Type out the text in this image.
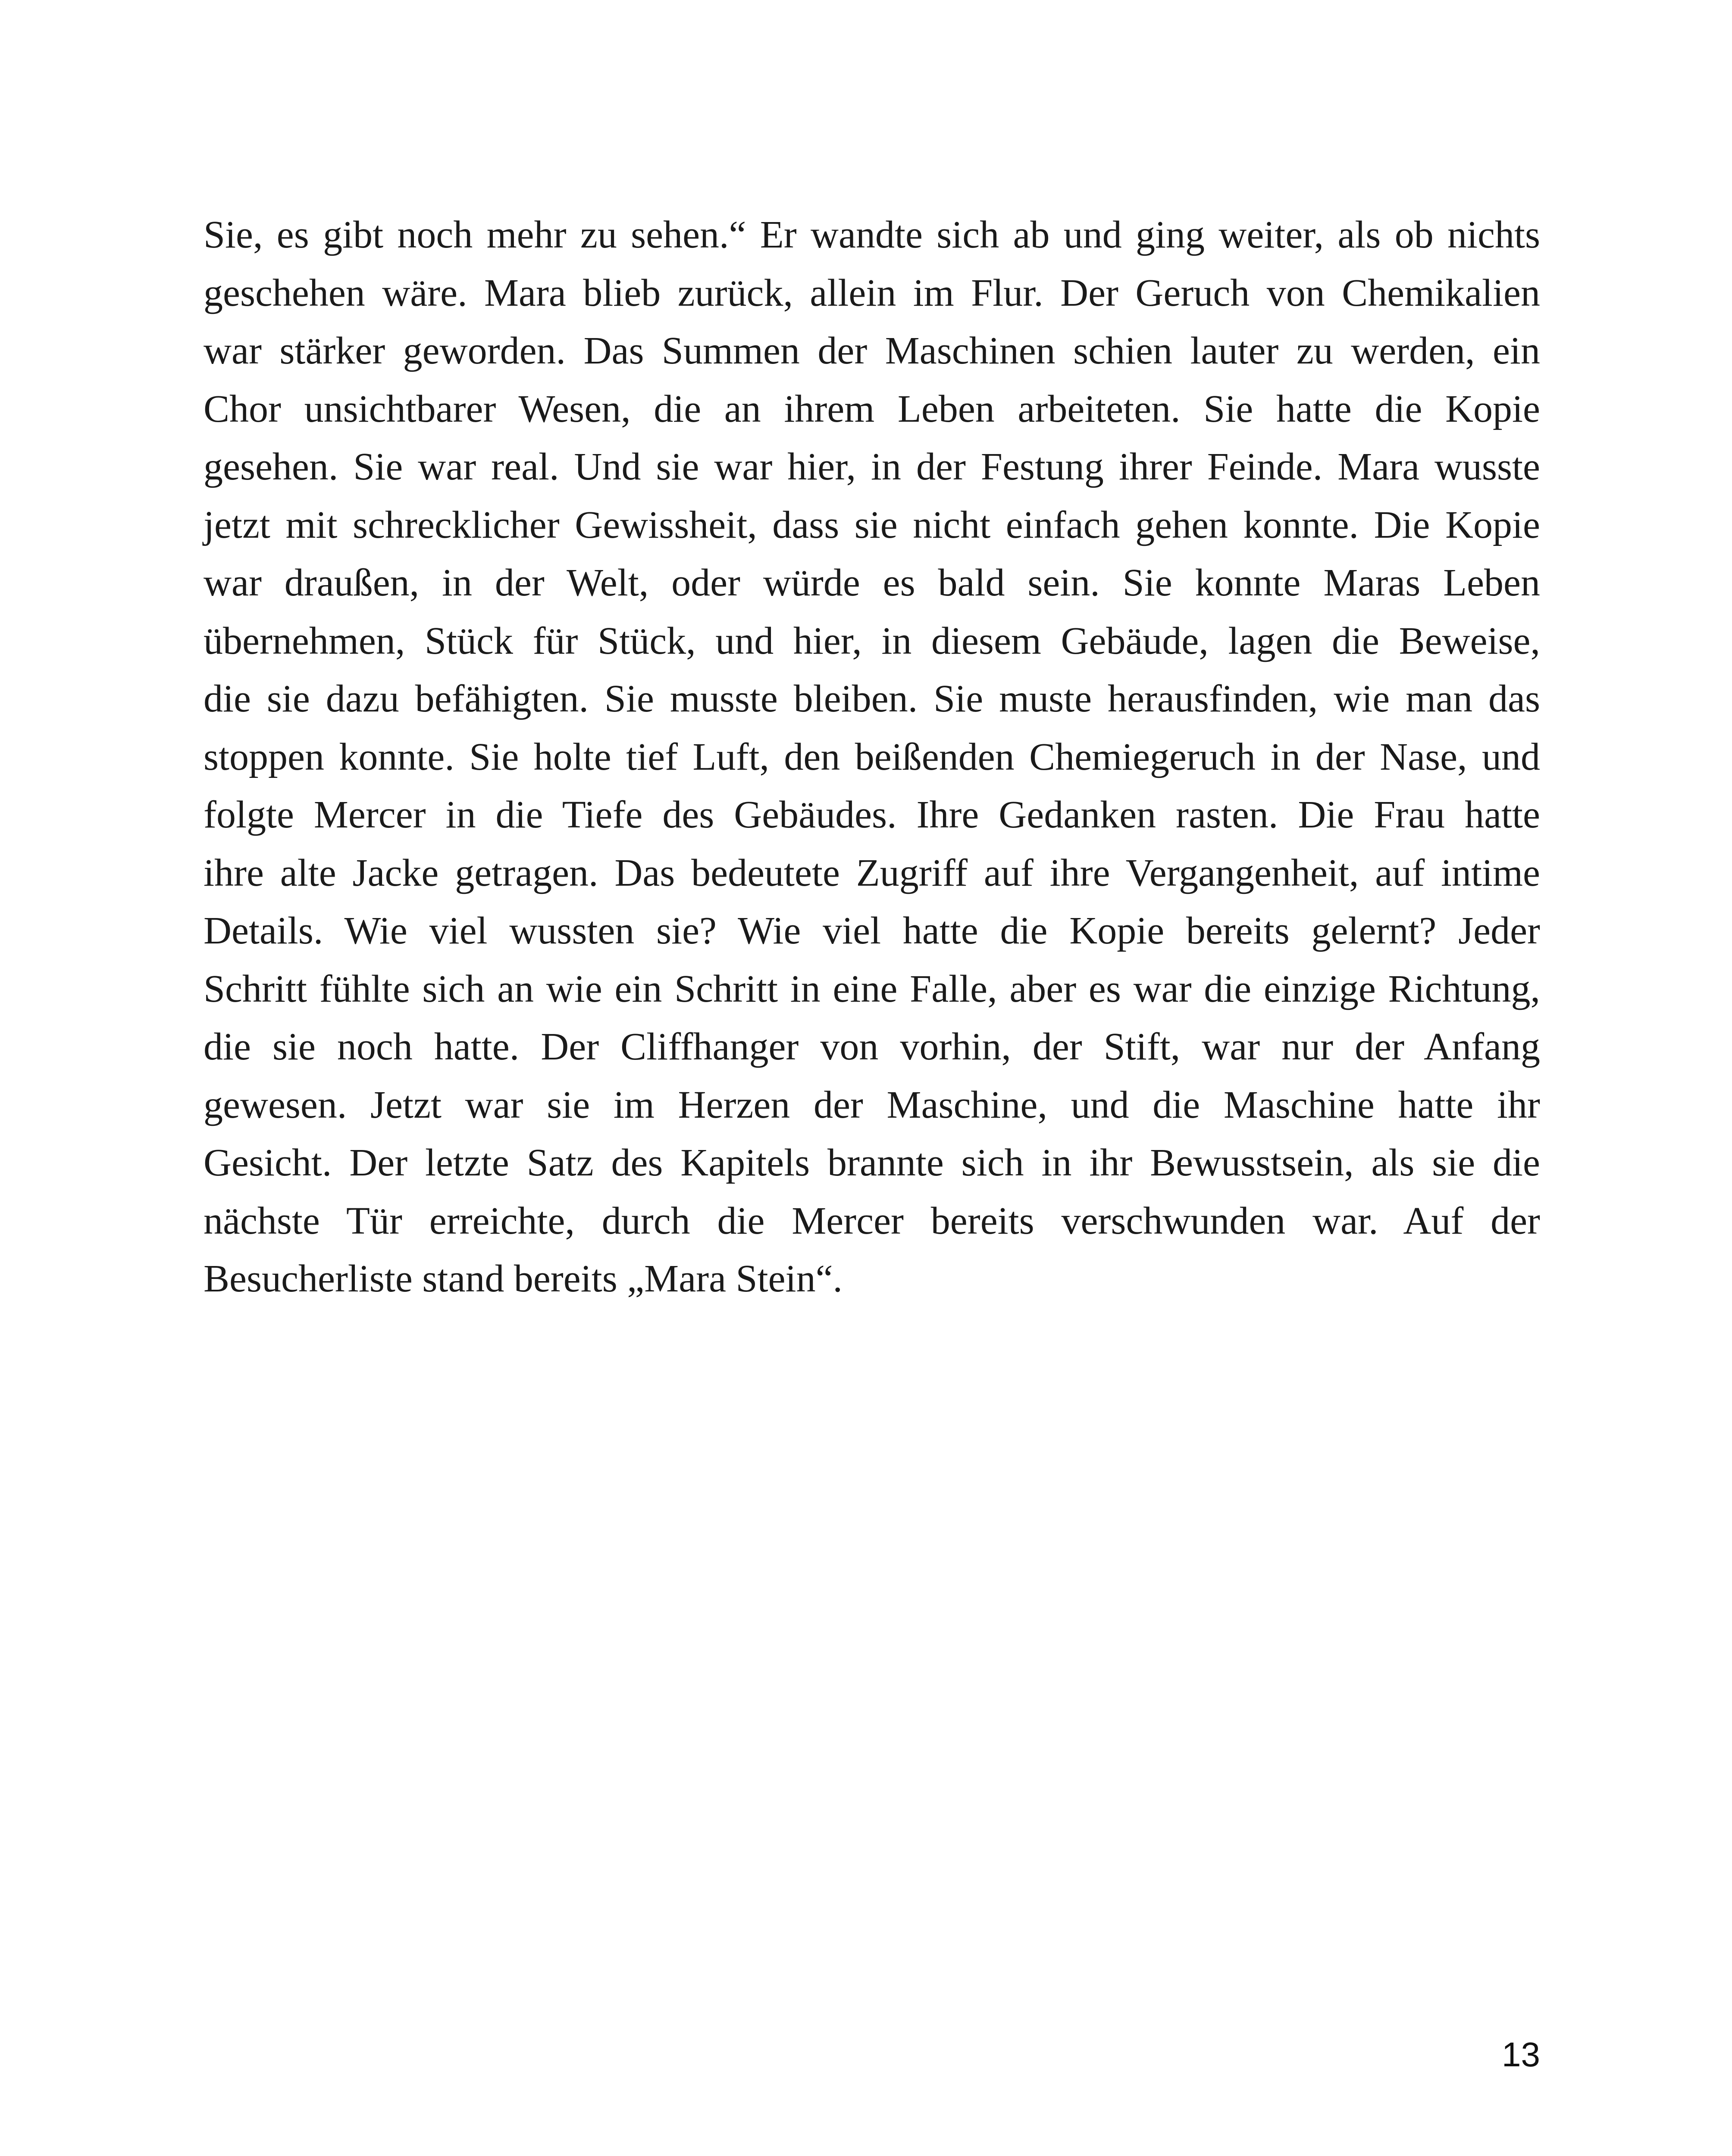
Sie, es gibt noch mehr zu sehen.“ Er wandte sich ab und ging weiter, als ob nichts
geschehen wäre. Mara blieb zurück, allein im Flur. Der Geruch von Chemikalien
war stärker geworden. Das Summen der Maschinen schien lauter zu werden, ein
Chor unsichtbarer Wesen, die an ihrem Leben arbeiteten. Sie hatte die Kopie
gesehen. Sie war real. Und sie war hier, in der Festung ihrer Feinde. Mara wusste
jetzt mit schrecklicher Gewissheit, dass sie nicht einfach gehen konnte. Die Kopie
war draußen, in der Welt, oder würde es bald sein. Sie konnte Maras Leben
übernehmen, Stück für Stück, und hier, in diesem Gebäude, lagen die Beweise,
die sie dazu befähigten. Sie musste bleiben. Sie muste herausfinden, wie man das
stoppen konnte. Sie holte tief Luft, den beißenden Chemiegeruch in der Nase, und
folgte Mercer in die Tiefe des Gebäudes. Ihre Gedanken rasten. Die Frau hatte
ihre alte Jacke getragen. Das bedeutete Zugriff auf ihre Vergangenheit, auf intime
Details. Wie viel wussten sie? Wie viel hatte die Kopie bereits gelernt? Jeder
Schritt fühlte sich an wie ein Schritt in eine Falle, aber es war die einzige Richtung,
die sie noch hatte. Der Cliffhanger von vorhin, der Stift, war nur der Anfang
gewesen. Jetzt war sie im Herzen der Maschine, und die Maschine hatte ihr
Gesicht. Der letzte Satz des Kapitels brannte sich in ihr Bewusstsein, als sie die
nächste Tür erreichte, durch die Mercer bereits verschwunden war. Auf der
Besucherliste stand bereits „Mara Stein“.
13
